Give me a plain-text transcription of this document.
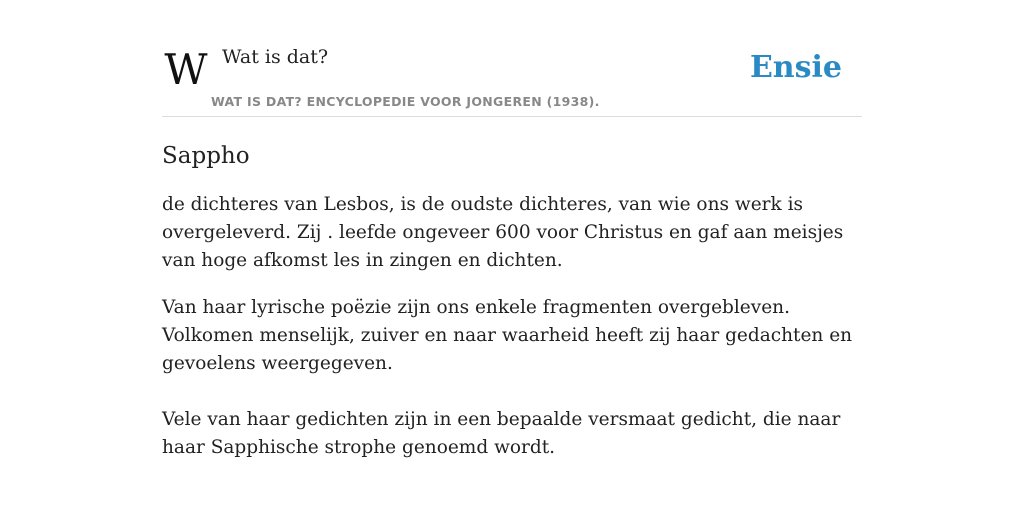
W Wat is dat?
WAT IS DAT? ENCYCLOPEDIE VOOR JONGEREN (1938).
Ensie
Sappho

de dichteres van Lesbos, is de oudste dichteres, van wie ons werk is overgeleverd. Zij . leefde ongeveer 600 voor Christus en gaf aan meisjes van hoge afkomst les in zingen en dichten.

Van haar lyrische poëzie zijn ons enkele fragmenten overgebleven. Volkomen menselijk, zuiver en naar waarheid heeft zij haar gedachten en gevoelens weergegeven.

Vele van haar gedichten zijn in een bepaalde versmaat gedicht, die naar haar Sapphische strophe genoemd wordt.
